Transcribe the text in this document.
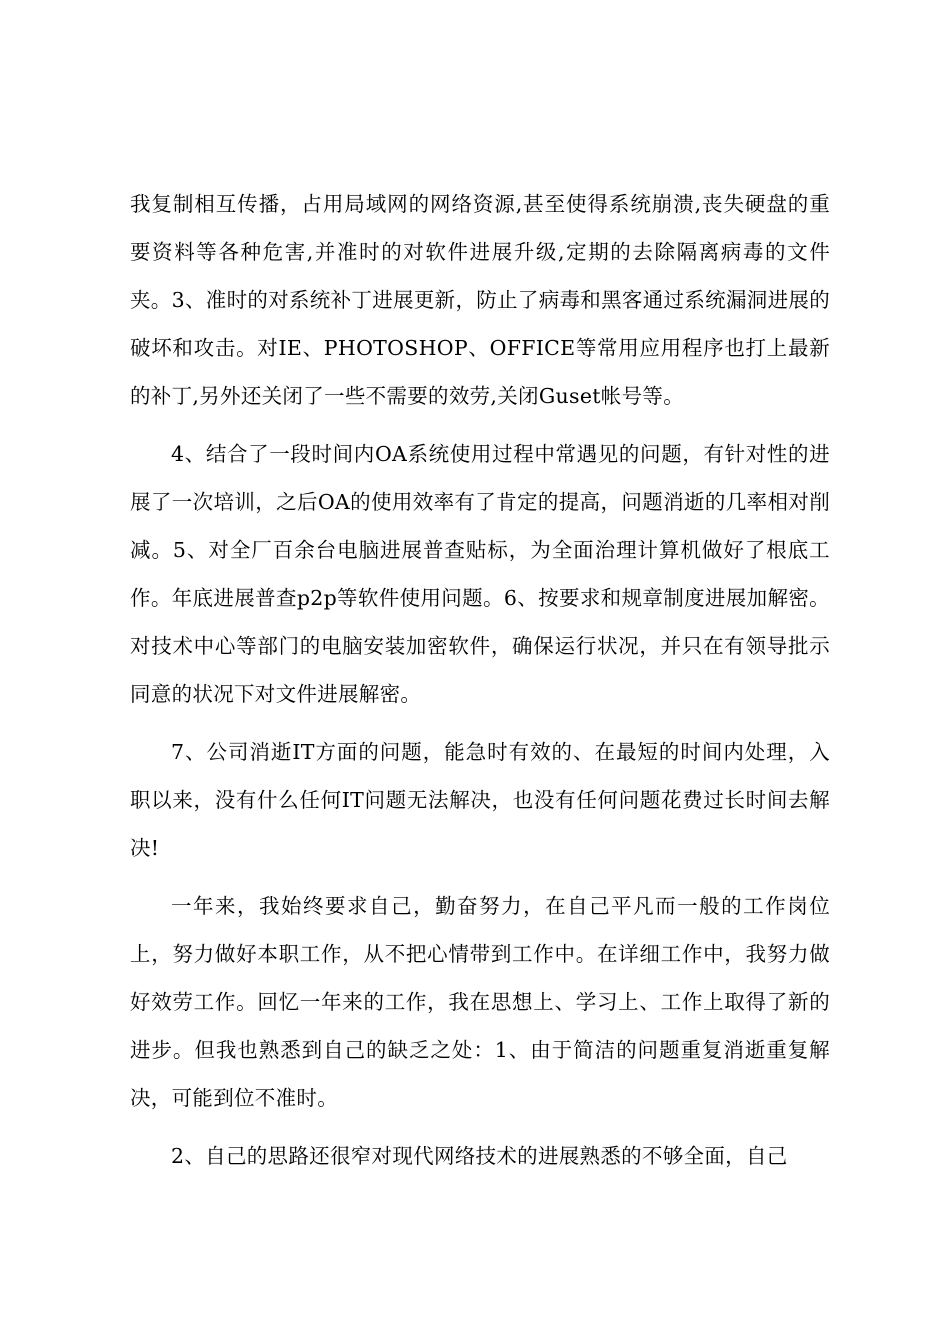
我复制相互传播，占用局域网的网络资源,甚至使得系统崩溃,丧失硬盘的重要资料等各种危害,并准时的对软件进展升级,定期的去除隔离病毒的文件夹。3、准时的对系统补丁进展更新，防止了病毒和黑客通过系统漏洞进展的破坏和攻击。对IE、PHOTOSHOP、OFFICE等常用应用程序也打上最新的补丁,另外还关闭了一些不需要的效劳,关闭Guset帐号等。

4、结合了一段时间内OA系统使用过程中常遇见的问题，有针对性的进展了一次培训，之后OA的使用效率有了肯定的提高，问题消逝的几率相对削减。5、对全厂百余台电脑进展普查贴标，为全面治理计算机做好了根底工作。年底进展普查p2p等软件使用问题。6、按要求和规章制度进展加解密。对技术中心等部门的电脑安装加密软件，确保运行状况，并只在有领导批示同意的状况下对文件进展解密。

7、公司消逝IT方面的问题，能急时有效的、在最短的时间内处理，入职以来，没有什么任何IT问题无法解决，也没有任何问题花费过长时间去解决!

一年来，我始终要求自己，勤奋努力，在自己平凡而一般的工作岗位上，努力做好本职工作，从不把心情带到工作中。在详细工作中，我努力做好效劳工作。回忆一年来的工作，我在思想上、学习上、工作上取得了新的进步。但我也熟悉到自己的缺乏之处：1、由于简洁的问题重复消逝重复解决，可能到位不准时。

2、自己的思路还很窄对现代网络技术的进展熟悉的不够全面，自己
